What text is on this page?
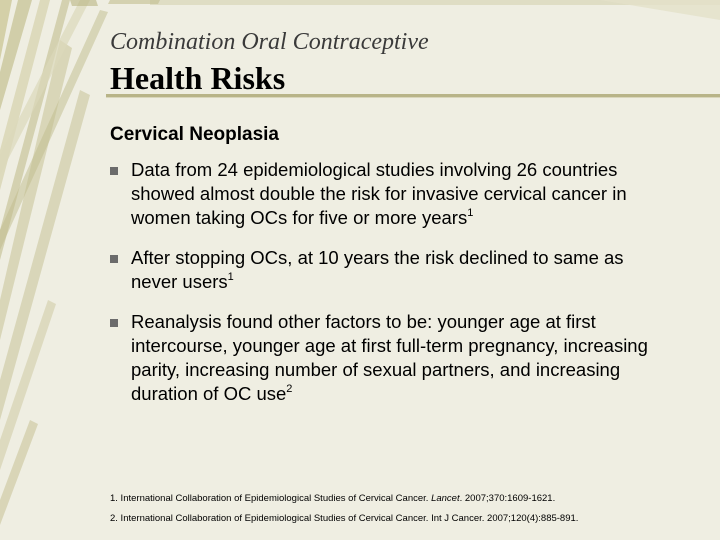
Combination Oral Contraceptive
Health Risks
Cervical Neoplasia
Data from 24 epidemiological studies involving 26 countries showed almost double the risk for invasive cervical cancer in women taking OCs for five or more years$^1$
After stopping OCs, at 10 years the risk declined to same as never users$^1$
Reanalysis found other factors to be: younger age at first intercourse, younger age at first full-term pregnancy, increasing parity, increasing number of sexual partners, and increasing duration of OC use$^2$
1. International Collaboration of Epidemiological Studies of Cervical Cancer. Lancet. 2007;370:1609-1621.
2. International Collaboration of Epidemiological Studies of Cervical Cancer. Int J Cancer. 2007;120(4):885-891.
